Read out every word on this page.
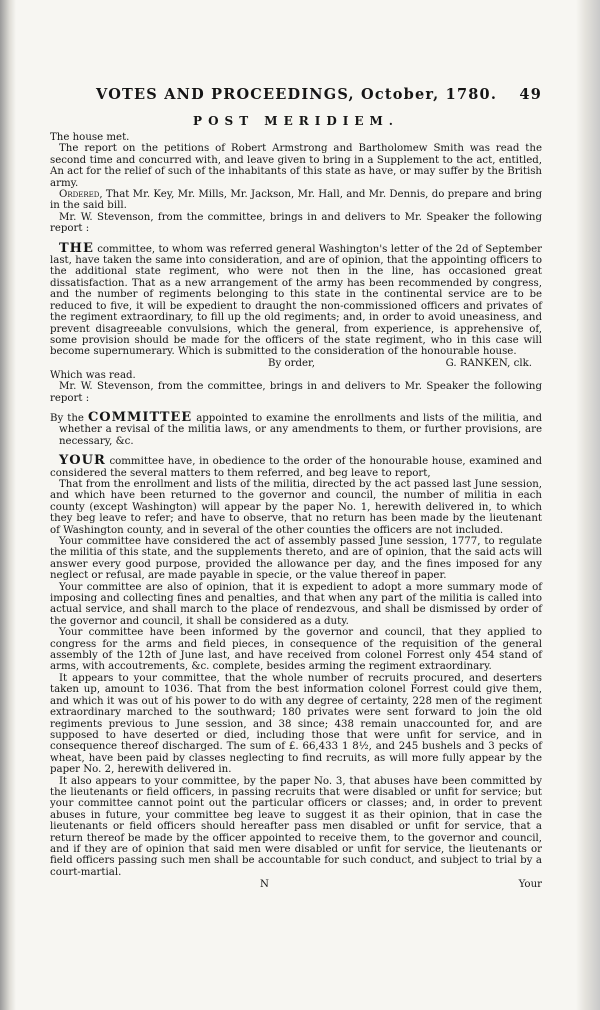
VOTES AND PROCEEDINGS, October, 1780. 49
POST MERIDIEM.

The house met.

The report on the petitions of Robert Armstrong and Bartholomew Smith was read the second time and concurred with, and leave given to bring in a Supplement to the act, entitled, An act for the relief of such of the inhabitants of this state as have, or may suffer by the British army.

Ordered, That Mr. Key, Mr. Mills, Mr. Jackson, Mr. Hall, and Mr. Dennis, do prepare and bring in the said bill.

Mr. W. Stevenson, from the committee, brings in and delivers to Mr. Speaker the following report :

THE committee, to whom was referred general Washington's letter of the 2d of September last, have taken the same into consideration, and are of opinion, that the appointing officers to the additional state regiment, who were not then in the line, has occasioned great dissatisfaction. That as a new arrangement of the army has been recommended by congress, and the number of regiments belonging to this state in the continental service are to be reduced to five, it will be expedient to draught the non-commissioned officers and privates of the regiment extraordinary, to fill up the old regiments; and, in order to avoid uneasiness, and prevent disagreeable convulsions, which the general, from experience, is apprehensive of, some provision should be made for the officers of the state regiment, who in this case will become supernumerary. Which is submitted to the consideration of the honourable house.

By order,	G. RANKEN, clk.

Which was read.

Mr. W. Stevenson, from the committee, brings in and delivers to Mr. Speaker the following report :

By the COMMITTEE appointed to examine the enrollments and lists of the militia, and whether a revisal of the militia laws, or any amendments to them, or further provisions, are necessary, &c.

YOUR committee have, in obedience to the order of the honourable house, examined and considered the several matters to them referred, and beg leave to report,

That from the enrollment and lists of the militia, directed by the act passed last June session, and which have been returned to the governor and council, the number of militia in each county (except Washington) will appear by the paper No. 1, herewith delivered in, to which they beg leave to refer; and have to observe, that no return has been made by the lieutenant of Washington county, and in several of the other counties the officers are not included.

Your committee have considered the act of assembly passed June session, 1777, to regulate the militia of this state, and the supplements thereto, and are of opinion, that the said acts will answer every good purpose, provided the allowance per day, and the fines imposed for any neglect or refusal, are made payable in specie, or the value thereof in paper.

Your committee are also of opinion, that it is expedient to adopt a more summary mode of imposing and collecting fines and penalties, and that when any part of the militia is called into actual service, and shall march to the place of rendezvous, and shall be dismissed by order of the governor and council, it shall be considered as a duty.

Your committee have been informed by the governor and council, that they applied to congress for the arms and field pieces, in consequence of the requisition of the general assembly of the 12th of June last, and have received from colonel Forrest only 454 stand of arms, with accoutrements, &c. complete, besides arming the regiment extraordinary.

It appears to your committee, that the whole number of recruits procured, and deserters taken up, amount to 1036. That from the best information colonel Forrest could give them, and which it was out of his power to do with any degree of certainty, 228 men of the regiment extraordinary marched to the southward; 180 privates were sent forward to join the old regiments previous to June session, and 38 since; 438 remain unaccounted for, and are supposed to have deserted or died, including those that were unfit for service, and in consequence thereof discharged. The sum of £. 66,433 1 8½, and 245 bushels and 3 pecks of wheat, have been paid by classes neglecting to find recruits, as will more fully appear by the paper No. 2, herewith delivered in.

It also appears to your committee, by the paper No. 3, that abuses have been committed by the lieutenants or field officers, in passing recruits that were disabled or unfit for service; but your committee cannot point out the particular officers or classes; and, in order to prevent abuses in future, your committee beg leave to suggest it as their opinion, that in case the lieutenants or field officers should hereafter pass men disabled or unfit for service, that a return thereof be made by the officer appointed to receive them, to the governor and council, and if they are of opinion that said men were disabled or unfit for service, the lieutenants or field officers passing such men shall be accountable for such conduct, and subject to trial by a court-martial.

N	Your
